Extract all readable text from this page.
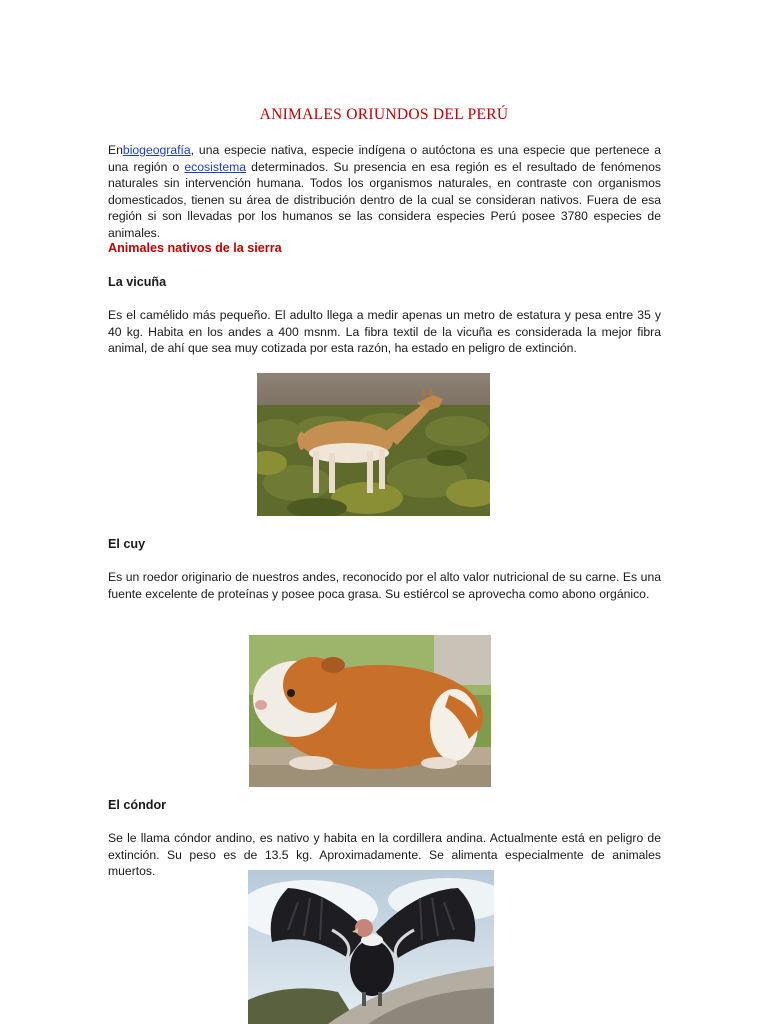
ANIMALES ORIUNDOS DEL PERÚ

Enbiogeografía, una especie nativa, especie indígena o autóctona es una especie que pertenece a una región o ecosistema determinados. Su presencia en esa región es el resultado de fenómenos naturales sin intervención humana. Todos los organismos naturales, en contraste con organismos domesticados, tienen su área de distribución dentro de la cual se consideran nativos. Fuera de esa región si son llevadas por los humanos se las considera especies Perú posee 3780 especies de animales.

Animales nativos de la sierra
La vicuña

Es el camélido más pequeño. El adulto llega a medir apenas un metro de estatura y pesa entre 35 y 40 kg. Habita en los andes a 400 msnm. La fibra textil de la vicuña es considerada la mejor fibra animal, de ahí que sea muy cotizada por esta razón, ha estado en peligro de extinción.

El cuy

Es un roedor originario de nuestros andes, reconocido por el alto valor nutricional de su carne. Es una fuente excelente de proteínas y posee poca grasa. Su estiércol se aprovecha como abono orgánico.

El cóndor

Se le llama cóndor andino, es nativo y habita en la cordillera andina. Actualmente está en peligro de extinción. Su peso es de 13.5 kg. Aproximadamente. Se alimenta especialmente de animales muertos.
